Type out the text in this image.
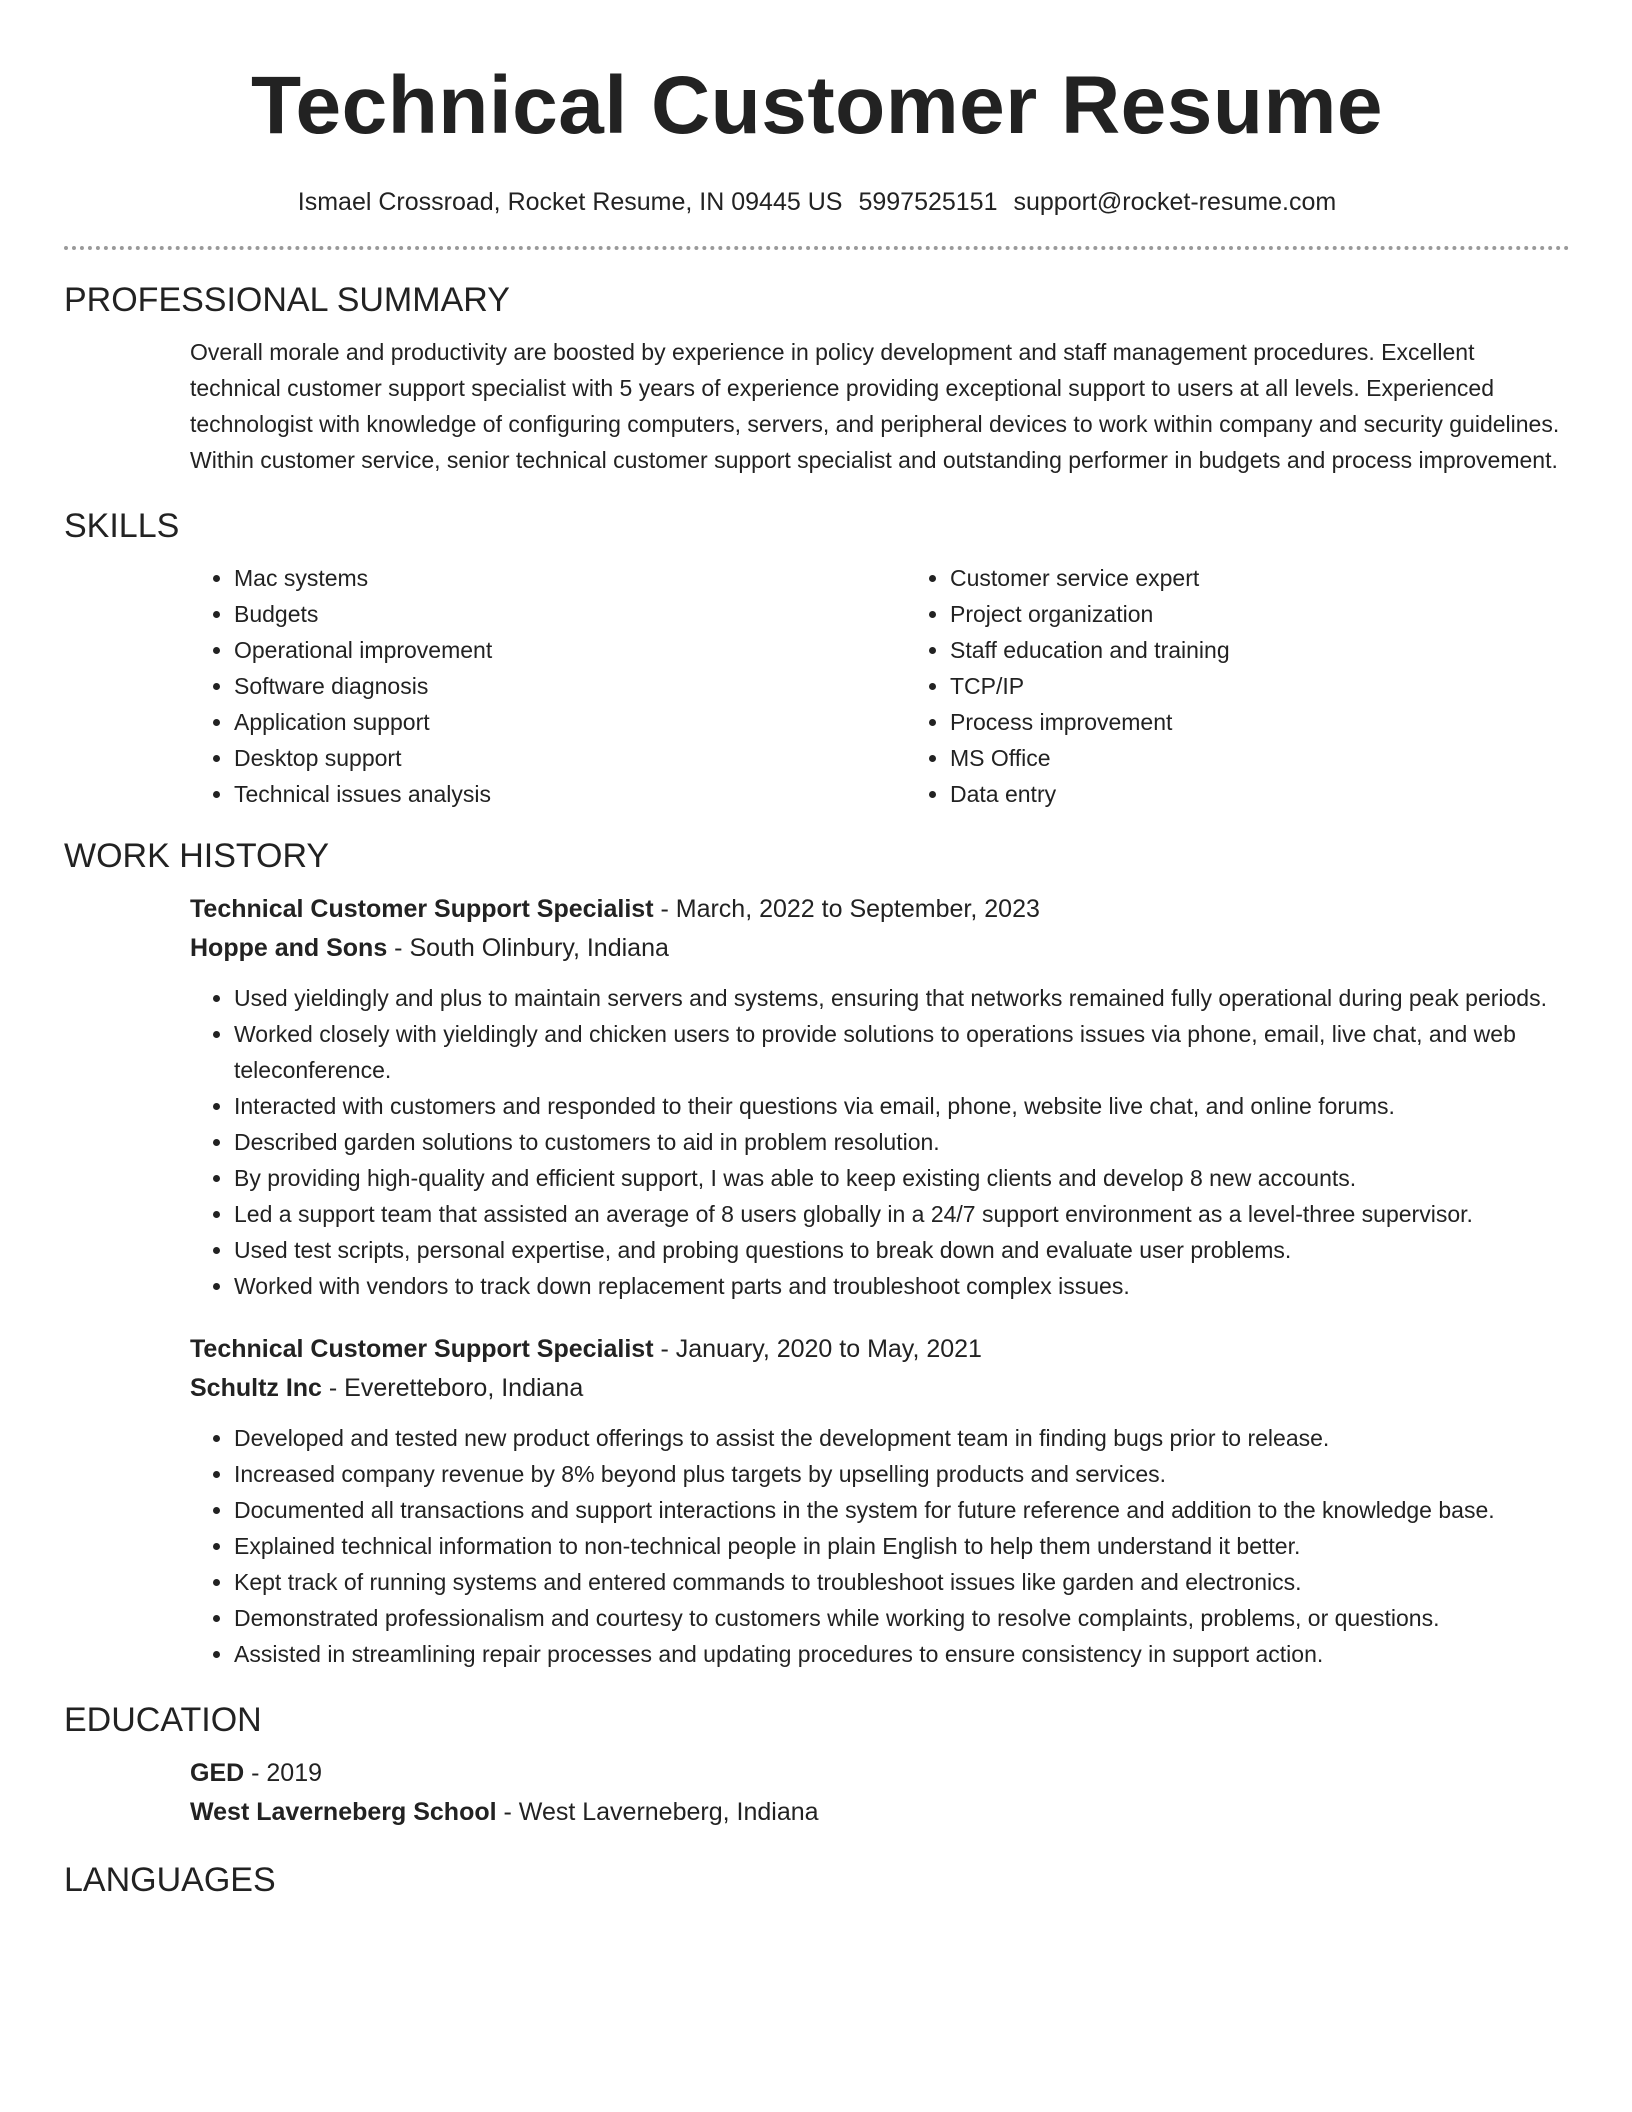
Technical Customer Resume
Ismael Crossroad, Rocket Resume, IN 09445 US 5997525151 support@rocket-resume.com
PROFESSIONAL SUMMARY

Overall morale and productivity are boosted by experience in policy development and staff management procedures. Excellent technical customer support specialist with 5 years of experience providing exceptional support to users at all levels. Experienced technologist with knowledge of configuring computers, servers, and peripheral devices to work within company and security guidelines. Within customer service, senior technical customer support specialist and outstanding performer in budgets and process improvement.

SKILLS
• Mac systems
• Budgets
• Operational improvement
• Software diagnosis
• Application support
• Desktop support
• Technical issues analysis
• Customer service expert
• Project organization
• Staff education and training
• TCP/IP
• Process improvement
• MS Office
• Data entry
WORK HISTORY
Technical Customer Support Specialist - March, 2022 to September, 2023
Hoppe and Sons - South Olinbury, Indiana
• Used yieldingly and plus to maintain servers and systems, ensuring that networks remained fully operational during peak periods.
• Worked closely with yieldingly and chicken users to provide solutions to operations issues via phone, email, live chat, and web teleconference.
• Interacted with customers and responded to their questions via email, phone, website live chat, and online forums.
• Described garden solutions to customers to aid in problem resolution.
• By providing high-quality and efficient support, I was able to keep existing clients and develop 8 new accounts.
• Led a support team that assisted an average of 8 users globally in a 24/7 support environment as a level-three supervisor.
• Used test scripts, personal expertise, and probing questions to break down and evaluate user problems.
• Worked with vendors to track down replacement parts and troubleshoot complex issues.
Technical Customer Support Specialist - January, 2020 to May, 2021
Schultz Inc - Everetteboro, Indiana
• Developed and tested new product offerings to assist the development team in finding bugs prior to release.
• Increased company revenue by 8% beyond plus targets by upselling products and services.
• Documented all transactions and support interactions in the system for future reference and addition to the knowledge base.
• Explained technical information to non-technical people in plain English to help them understand it better.
• Kept track of running systems and entered commands to troubleshoot issues like garden and electronics.
• Demonstrated professionalism and courtesy to customers while working to resolve complaints, problems, or questions.
• Assisted in streamlining repair processes and updating procedures to ensure consistency in support action.
EDUCATION
GED - 2019
West Laverneberg School - West Laverneberg, Indiana
LANGUAGES
